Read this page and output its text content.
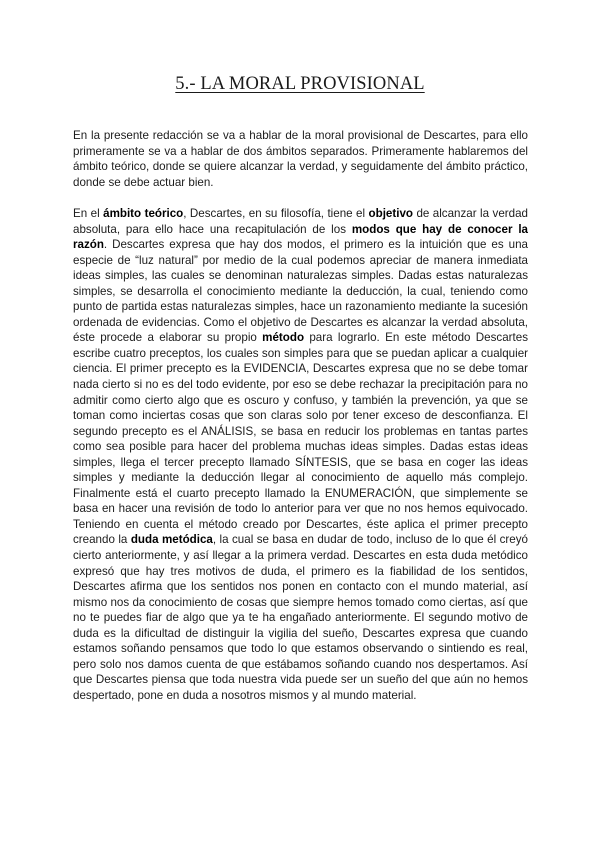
5.- LA MORAL PROVISIONAL

En la presente redacción se va a hablar de la moral provisional de Descartes, para ello primeramente se va a hablar de dos ámbitos separados. Primeramente hablaremos del ámbito teórico, donde se quiere alcanzar la verdad, y seguidamente del ámbito práctico, donde se debe actuar bien.

En el ámbito teórico, Descartes, en su filosofía, tiene el objetivo de alcanzar la verdad absoluta, para ello hace una recapitulación de los modos que hay de conocer la razón. Descartes expresa que hay dos modos, el primero es la intuición que es una especie de “luz natural” por medio de la cual podemos apreciar de manera inmediata ideas simples, las cuales se denominan naturalezas simples. Dadas estas naturalezas simples, se desarrolla el conocimiento mediante la deducción, la cual, teniendo como punto de partida estas naturalezas simples, hace un razonamiento mediante la sucesión ordenada de evidencias. Como el objetivo de Descartes es alcanzar la verdad absoluta, éste procede a elaborar su propio método para lograrlo. En este método Descartes escribe cuatro preceptos, los cuales son simples para que se puedan aplicar a cualquier ciencia. El primer precepto es la EVIDENCIA, Descartes expresa que no se debe tomar nada cierto si no es del todo evidente, por eso se debe rechazar la precipitación para no admitir como cierto algo que es oscuro y confuso, y también la prevención, ya que se toman como inciertas cosas que son claras solo por tener exceso de desconfianza. El segundo precepto es el ANÁLISIS, se basa en reducir los problemas en tantas partes como sea posible para hacer del problema muchas ideas simples. Dadas estas ideas simples, llega el tercer precepto llamado SÍNTESIS, que se basa en coger las ideas simples y mediante la deducción llegar al conocimiento de aquello más complejo. Finalmente está el cuarto precepto llamado la ENUMERACIÓN, que simplemente se basa en hacer una revisión de todo lo anterior para ver que no nos hemos equivocado. Teniendo en cuenta el método creado por Descartes, éste aplica el primer precepto creando la duda metódica, la cual se basa en dudar de todo, incluso de lo que él creyó cierto anteriormente, y así llegar a la primera verdad. Descartes en esta duda metódico expresó que hay tres motivos de duda, el primero es la fiabilidad de los sentidos, Descartes afirma que los sentidos nos ponen en contacto con el mundo material, así mismo nos da conocimiento de cosas que siempre hemos tomado como ciertas, así que no te puedes fiar de algo que ya te ha engañado anteriormente. El segundo motivo de duda es la dificultad de distinguir la vigilia del sueño, Descartes expresa que cuando estamos soñando pensamos que todo lo que estamos observando o sintiendo es real, pero solo nos damos cuenta de que estábamos soñando cuando nos despertamos. Así que Descartes piensa que toda nuestra vida puede ser un sueño del que aún no hemos despertado, pone en duda a nosotros mismos y al mundo material.
